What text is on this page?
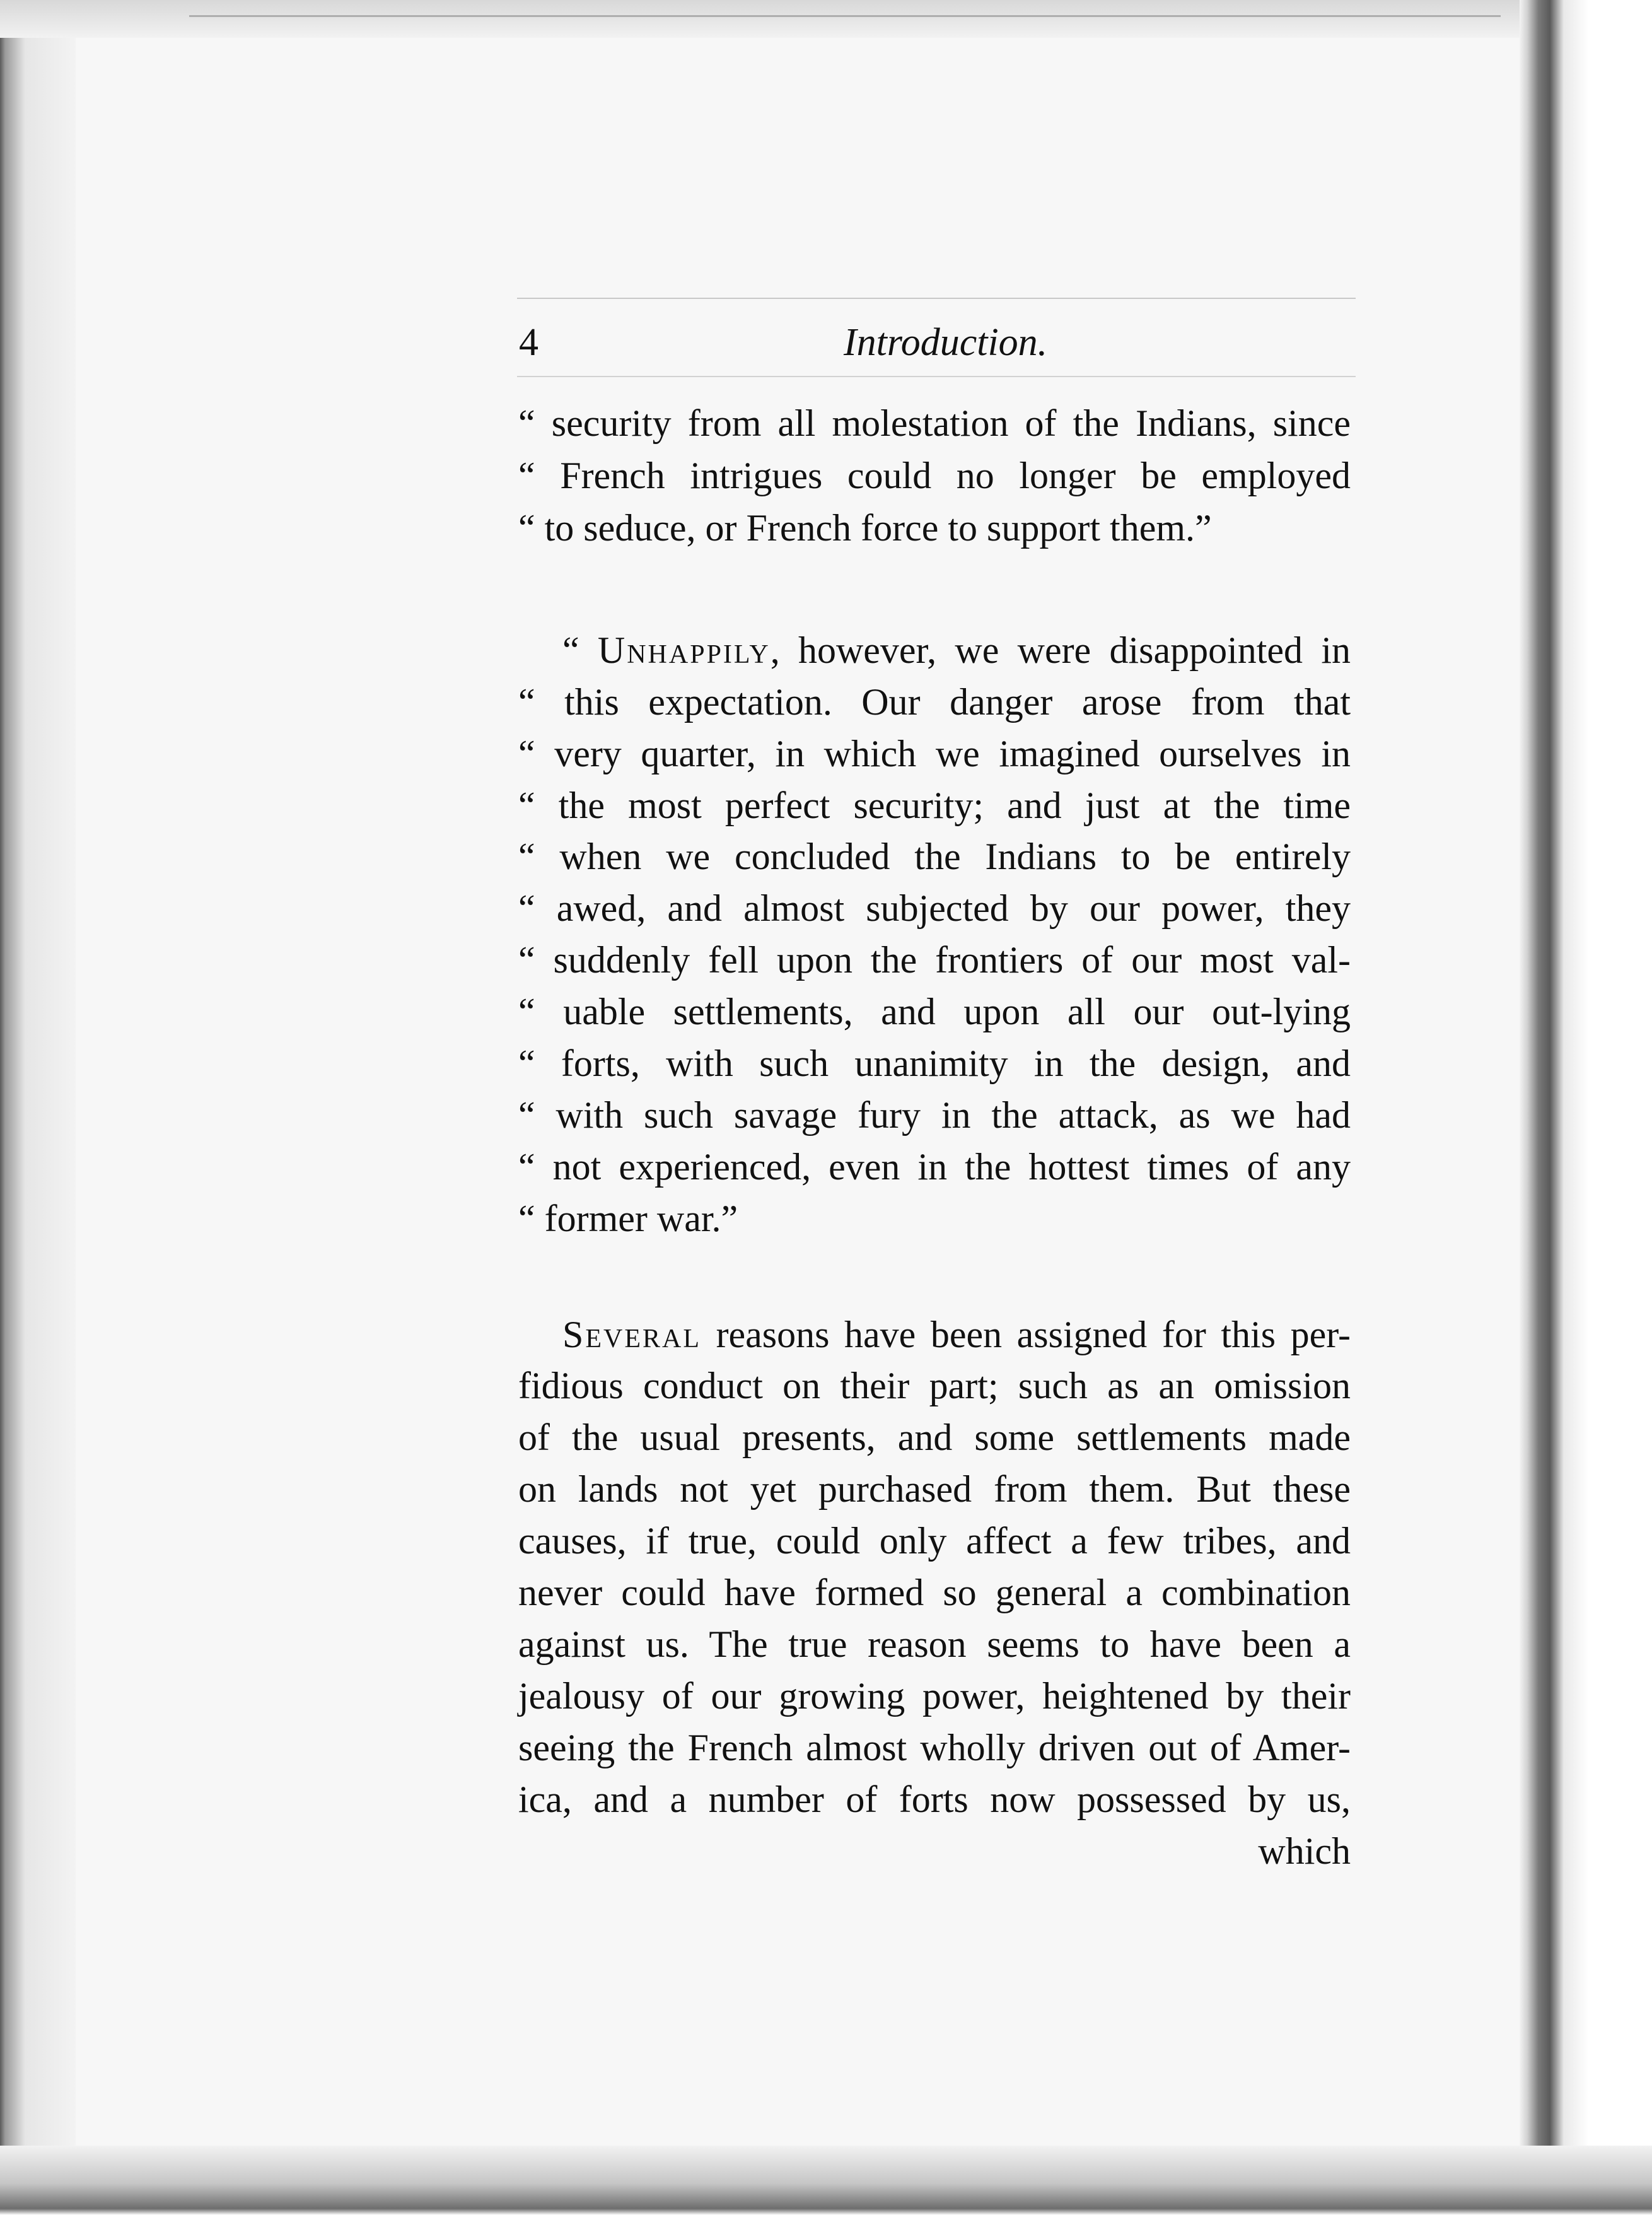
4	Introduction.
“ security from all molestation of the Indians, since
“ French intrigues could no longer be employed
“ to seduce, or French force to support them.”
“ Unhappily, however, we were disappointed in
“ this expectation. Our danger arose from that
“ very quarter, in which we imagined ourselves in
“ the most perfect security; and just at the time
“ when we concluded the Indians to be entirely
“ awed, and almost subjected by our power, they
“ suddenly fell upon the frontiers of our most val-
“ uable settlements, and upon all our out-lying
“ forts, with such unanimity in the design, and
“ with such savage fury in the attack, as we had
“ not experienced, even in the hottest times of any
“ former war.”
Several reasons have been assigned for this per-
fidious conduct on their part; such as an omission
of the usual presents, and some settlements made
on lands not yet purchased from them. But these
causes, if true, could only affect a few tribes, and
never could have formed so general a combination
against us. The true reason seems to have been a
jealousy of our growing power, heightened by their
seeing the French almost wholly driven out of Amer-
ica, and a number of forts now possessed by us,
which
